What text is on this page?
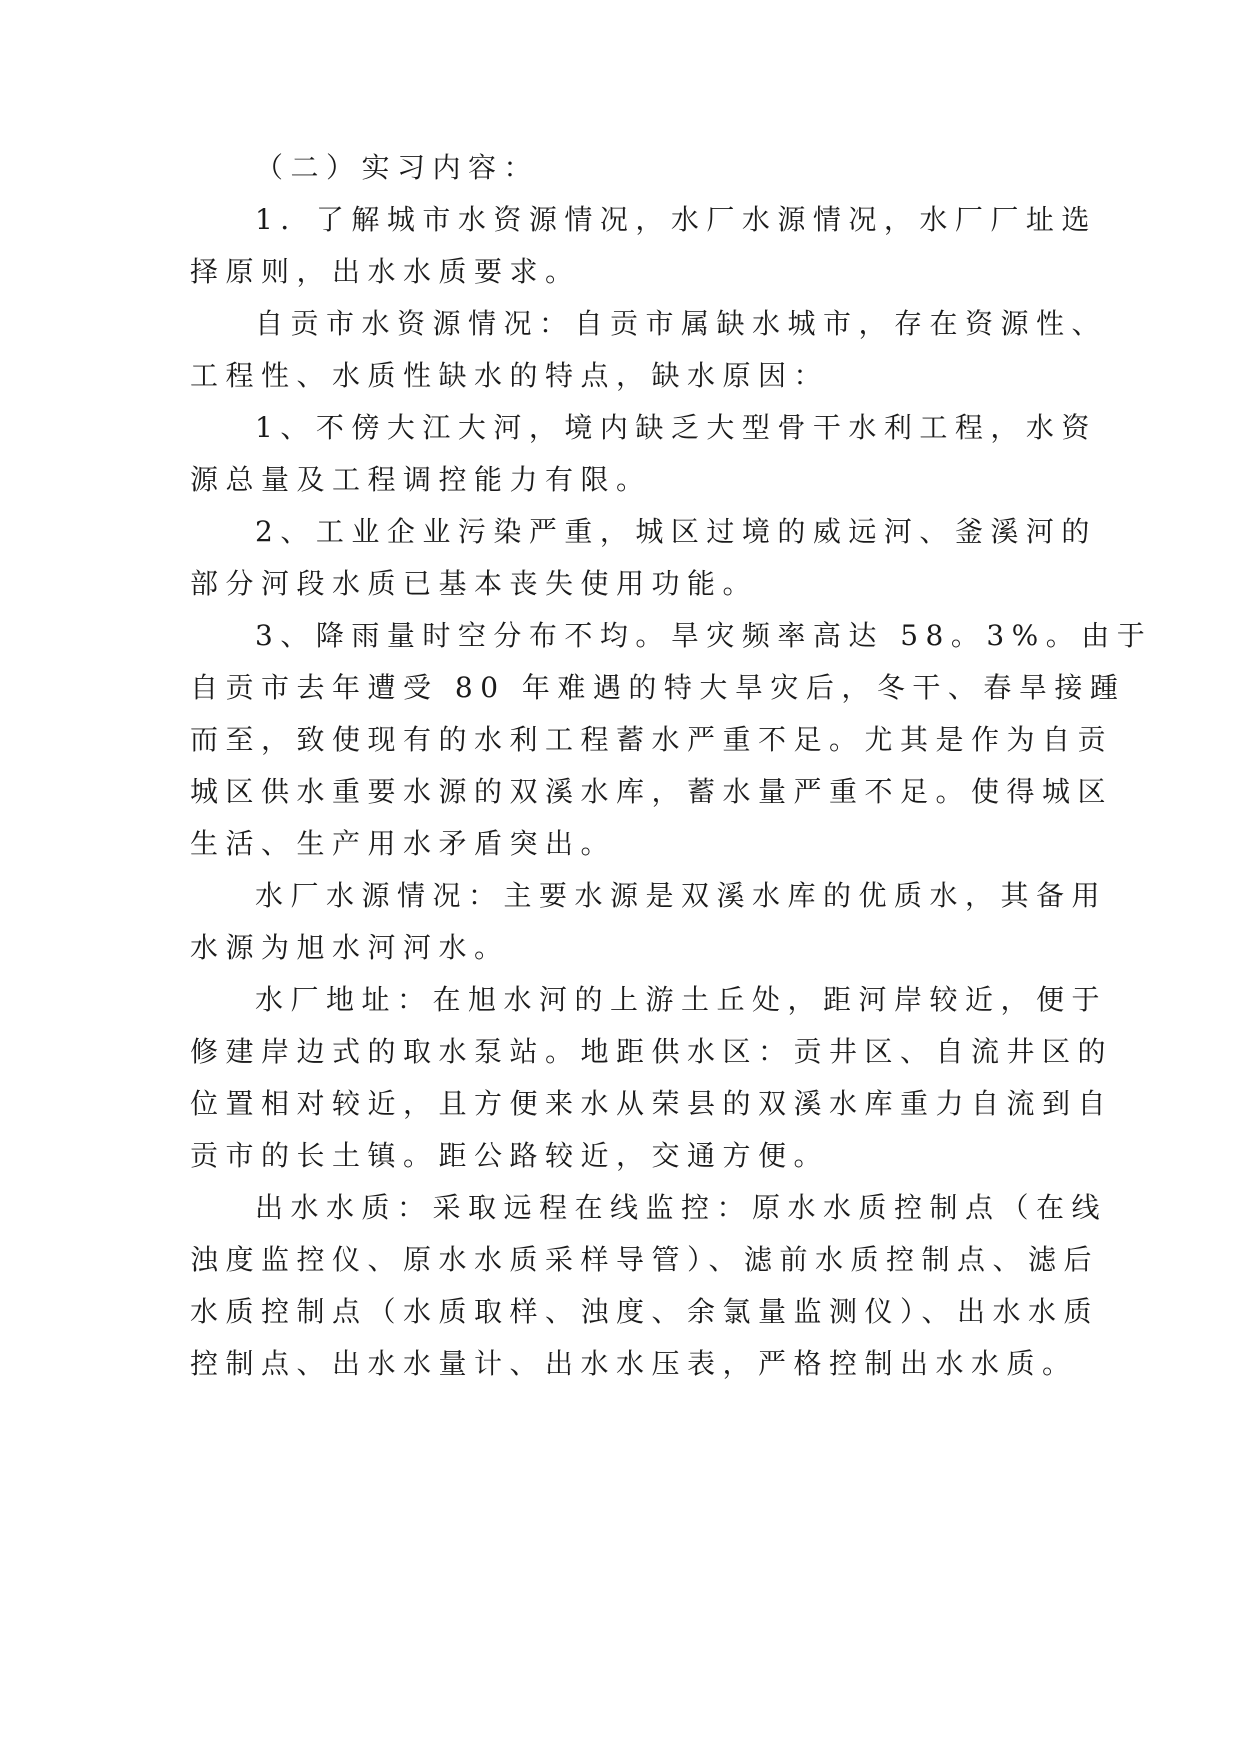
（二）实习内容：
1．了解城市水资源情况，水厂水源情况，水厂厂址选
择原则，出水水质要求。
自贡市水资源情况：自贡市属缺水城市，存在资源性、
工程性、水质性缺水的特点，缺水原因：
1、不傍大江大河，境内缺乏大型骨干水利工程，水资
源总量及工程调控能力有限。
2、工业企业污染严重，城区过境的威远河、釜溪河的
部分河段水质已基本丧失使用功能。
3、降雨量时空分布不均。旱灾频率高达 58。3%。由于
自贡市去年遭受 80 年难遇的特大旱灾后，冬干、春旱接踵
而至，致使现有的水利工程蓄水严重不足。尤其是作为自贡
城区供水重要水源的双溪水库，蓄水量严重不足。使得城区
生活、生产用水矛盾突出。
水厂水源情况：主要水源是双溪水库的优质水，其备用
水源为旭水河河水。
水厂地址：在旭水河的上游土丘处，距河岸较近，便于
修建岸边式的取水泵站。地距供水区：贡井区、自流井区的
位置相对较近，且方便来水从荣县的双溪水库重力自流到自
贡市的长土镇。距公路较近，交通方便。
出水水质：采取远程在线监控：原水水质控制点（在线
浊度监控仪、原水水质采样导管）、滤前水质控制点、滤后
水质控制点（水质取样、浊度、余氯量监测仪）、出水水质
控制点、出水水量计、出水水压表，严格控制出水水质。
